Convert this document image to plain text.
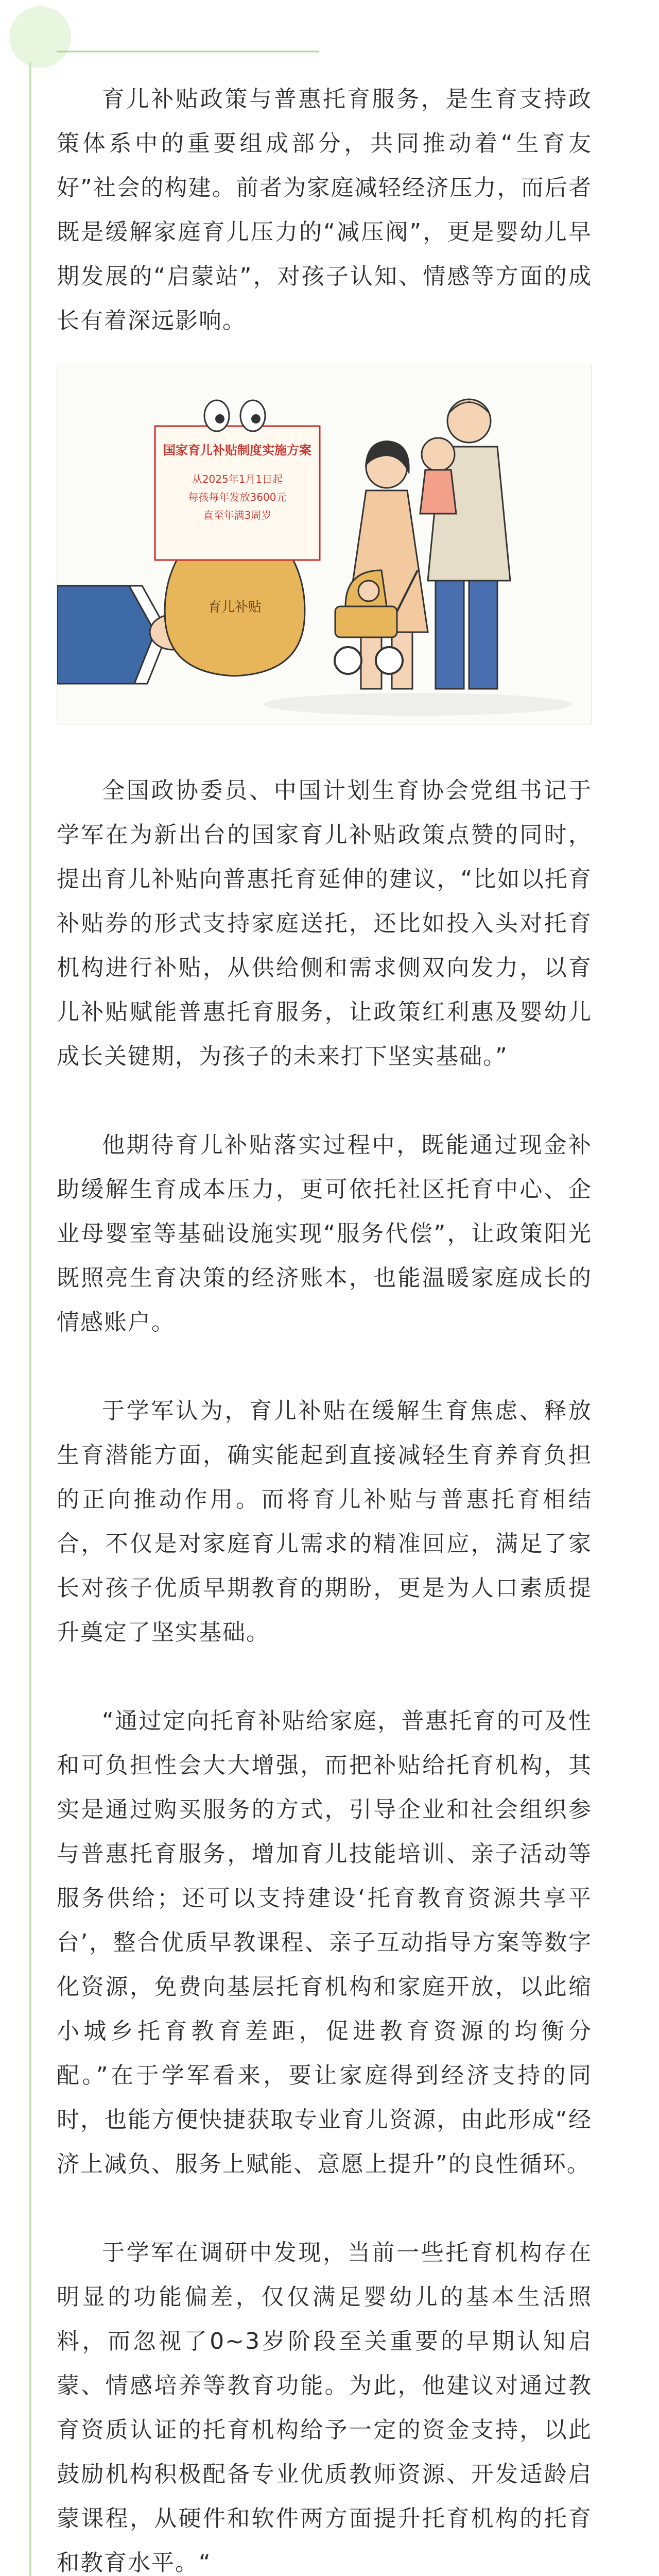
育儿补贴政策与普惠托育服务，是生育支持政策体系中的重要组成部分，共同推动着“生育友好”社会的构建。前者为家庭减轻经济压力，而后者既是缓解家庭育儿压力的“减压阀”，更是婴幼儿早期发展的“启蒙站”，对孩子认知、情感等方面的成长有着深远影响。

育儿补贴
国家育儿补贴制度实施方案
从2025年1月1日起
每孩每年发放3600元
直至年满3周岁

全国政协委员、中国计划生育协会党组书记于学军在为新出台的国家育儿补贴政策点赞的同时，提出育儿补贴向普惠托育延伸的建议，“比如以托育补贴券的形式支持家庭送托，还比如投入头对托育机构进行补贴，从供给侧和需求侧双向发力，以育儿补贴赋能普惠托育服务，让政策红利惠及婴幼儿成长关键期，为孩子的未来打下坚实基础。”

他期待育儿补贴落实过程中，既能通过现金补助缓解生育成本压力，更可依托社区托育中心、企业母婴室等基础设施实现“服务代偿”，让政策阳光既照亮生育决策的经济账本，也能温暖家庭成长的情感账户。

于学军认为，育儿补贴在缓解生育焦虑、释放生育潜能方面，确实能起到直接减轻生育养育负担的正向推动作用。而将育儿补贴与普惠托育相结合，不仅是对家庭育儿需求的精准回应，满足了家长对孩子优质早期教育的期盼，更是为人口素质提升奠定了坚实基础。

“通过定向托育补贴给家庭，普惠托育的可及性和可负担性会大大增强，而把补贴给托育机构，其实是通过购买服务的方式，引导企业和社会组织参与普惠托育服务，增加育儿技能培训、亲子活动等服务供给；还可以支持建设‘托育教育资源共享平台’，整合优质早教课程、亲子互动指导方案等数字化资源，免费向基层托育机构和家庭开放，以此缩小城乡托育教育差距，促进教育资源的均衡分配。”在于学军看来，要让家庭得到经济支持的同时，也能方便快捷获取专业育儿资源，由此形成“经济上减负、服务上赋能、意愿上提升”的良性循环。

于学军在调研中发现，当前一些托育机构存在明显的功能偏差，仅仅满足婴幼儿的基本生活照料，而忽视了0~3岁阶段至关重要的早期认知启蒙、情感培养等教育功能。为此，他建议对通过教育资质认证的托育机构给予一定的资金支持，以此鼓励机构积极配备专业优质教师资源、开发适龄启蒙课程，从硬件和软件两方面提升托育机构的托育和教育水平。“
